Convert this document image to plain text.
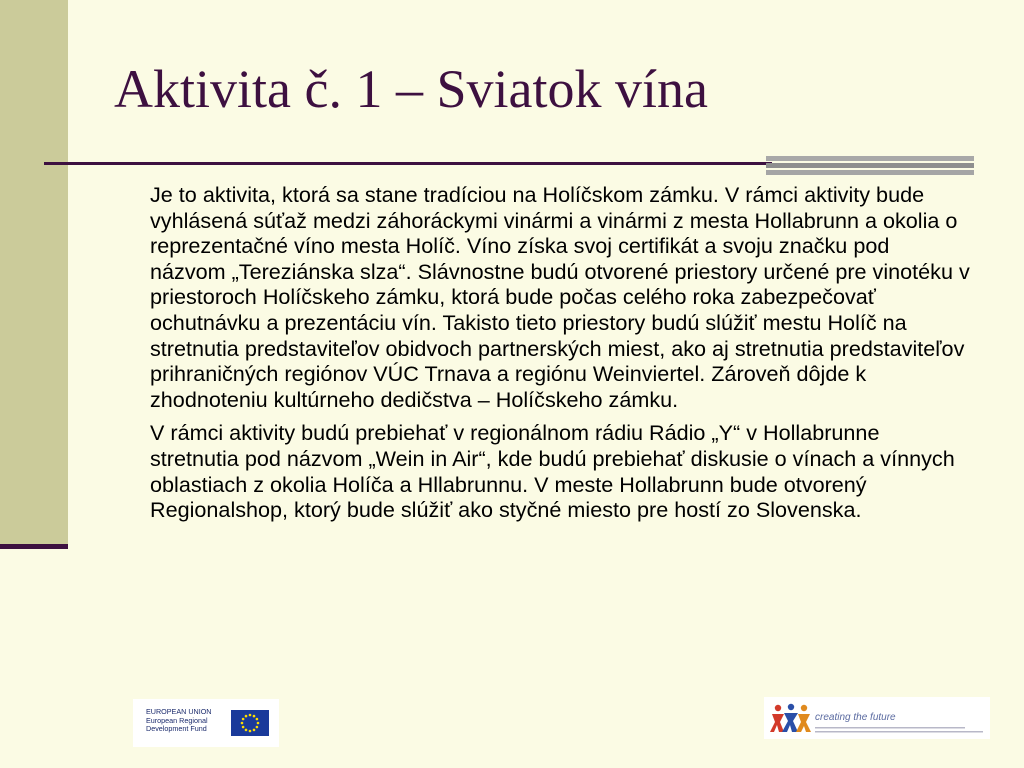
Aktivita č. 1 – Sviatok vína

Je to aktivita, ktorá sa stane tradíciou na Holíčskom zámku. V rámci aktivity bude vyhlásená súťaž medzi záhoráckymi vinármi a vinármi z mesta Hollabrunn a okolia o reprezentačné víno mesta Holíč. Víno získa svoj certifikát a svoju značku pod názvom „Tereziánska slza“. Slávnostne budú otvorené priestory určené pre vinotéku v priestoroch Holíčskeho zámku, ktorá bude počas celého roka zabezpečovať ochutnávku a prezentáciu vín. Takisto tieto priestory budú slúžiť mestu Holíč na stretnutia predstaviteľov obidvoch partnerských miest, ako aj stretnutia predstaviteľov prihraničných regiónov VÚC Trnava a regiónu Weinviertel. Zároveň dôjde k zhodnoteniu kultúrneho dedičstva – Holíčskeho zámku.

V rámci aktivity budú prebiehať v regionálnom rádiu Rádio „Y“ v Hollabrunne stretnutia pod názvom „Wein in Air“, kde budú prebiehať diskusie o vínach a vínnych oblastiach z okolia Holíča a Hllabrunnu. V meste Hollabrunn bude otvorený Regionalshop, ktorý bude slúžiť ako styčné miesto pre hostí zo Slovenska.

EUROPEAN UNION
European Regional
Development Fund
creating the future
